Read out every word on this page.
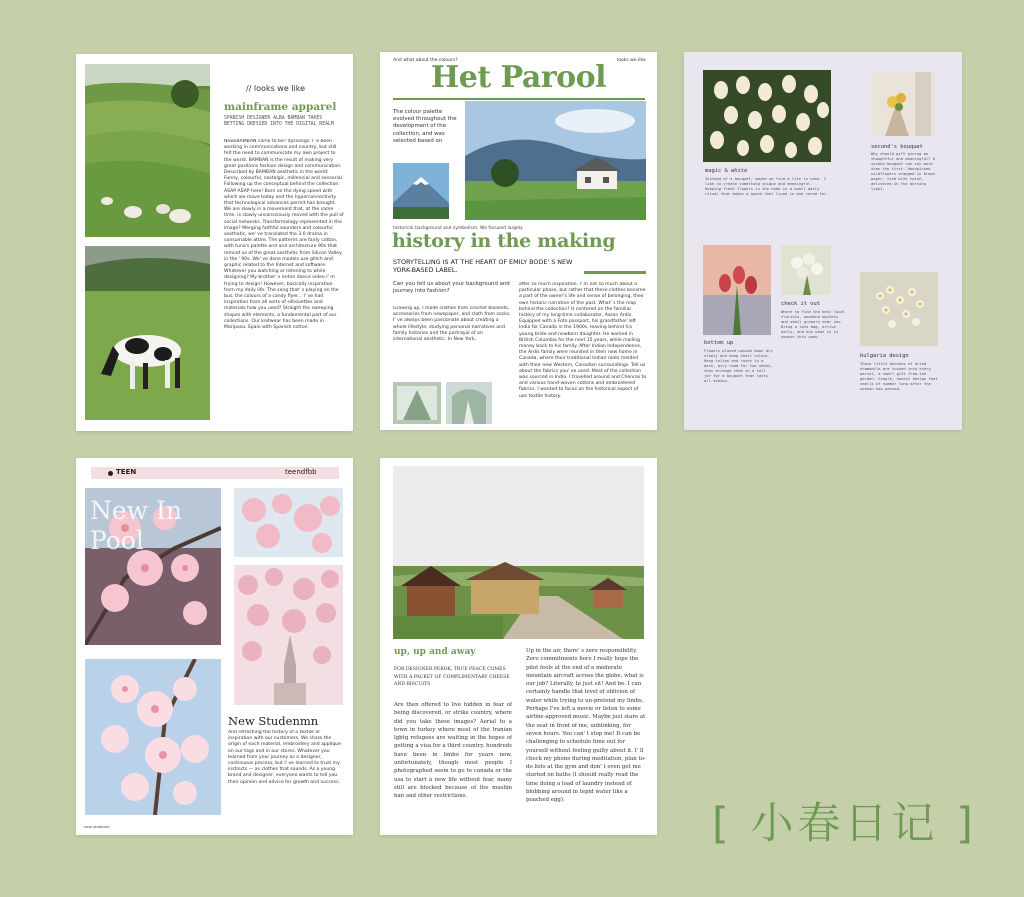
// looks we like

mainframe apparel

SPANISH DESIGNER ALBA BAMBAN TAKES BETTING DRESSED INTO THE DIGITAL REALM

NewsBAMBAN came to be? dyssongs: I' e been working in communications and country, but still felt the need to communicate my own project to the world. BAMBAN is the result of making very great positions fashion design and communication. Described by BAMBAN aesthetic in the world: Funny, colourful, nostalgic, millennial and sensorial. Following up the conceptual behind the collection. ASAP ASAP here! Born on the dying speed with which we move today and the hyperconnectivity that technological advances permit has brought. We are slowly in a movement that, at the same time, is slowly unconsciously moved with the pull of social networks. Transformology represented in the image? Merging faithful sounders and colourful aesthetic, we' ve translated the 3.0 drama in consumable attire. The patterns are fairly cotton, with tuna's palette and and architecture 90s that remind us of the great aesthetic from Silicon Valley in the ' 90s. We' ve done models use glitch and graphic related to the Internet and software. Whatever you watching or listening to while designing? My brother' s entire dance video I' m trying to design! However, basically inspiration from my daily life. The song that' s playing on the bus, the colours of a candy flyer... I' ve had inspiration from all sorts of silhouettes and materials how you used? Straight the sweeping shapes with elements, a fundamental part of our collections. Our knitwear has been made in Mariposa, Spain with Spanish cotton.

And what about the colours?	looks we like

Het Parool

The colour palette evolved throughout the development of the collection, and was selected based on

historical background and symbolism. We focused largely

history in the making

STORYTELLING IS AT THE HEART OF EMILY BODE' S NEW YORK-BASED LABEL.

Can you tell us about your background and journey into fashion?

Growing up, I made clothes from crochet blankets, accessories from newspaper, and cloth from socks. I' ve always been passionate about creating a whole lifestyle, studying personal narratives and family histories and the portrayal of an international aesthetic. In New York,

after so much inspiration. I' m not so much about a particular phase, but rather that these clothes become a part of the owner's life and sense of belonging, their own historic narrative of the past. What' s the map behind the collection? It centered on the familiar history of my long-time collaborator, Aaron Ardis. Equipped with a Foto passport, his grandfather left India for Canada in the 1900s, leaving behind his young bride and newborn daughter. He worked in British Columbia for the next 15 years, while mailing money back to his family. After Indian Independence, the Ardis family were reunited in their new home in Canada, where their traditional Indian roots melded with their new Western, Canadian surroundings. Tell us about the fabrics you' ve used. Most of the collection was sourced in India. I travelled around and Chennai to and various hand-woven cottons and embroidered fabrics. I wanted to focus on the historical aspect of use textile history.

magic & white

Instead of a bouquet, maybe we find a life in vase. I like to create something unique and meaningful. Keeping fresh flowers in the home is a small daily ritual that makes a space feel lived in and cared for.

second's bouquet

Why should gift giving be thoughtful and meaningful? A second bouquet can say more than the first. Handpicked wildflowers wrapped in brown paper, tied with twine, delivered in the morning light.

bottom up

Flowers placed upside down dry slowly and keep their colour. Hang tulips and roses in a dark, airy room for two weeks, then arrange them in a tall jar for a bouquet that lasts all season.

check it out

Where to find the best local florists, weekend markets and small growers near you. Bring a tote bag, arrive early, and ask what is in season this week.

bulgaria design

These little bunches of dried chamomile are tucked into every parcel, a small gift from the garden. Simple, honest design that smells of summer long after the season has passed.

TEEN	teendfbb

New In Pool

New Studenmn

And refreshing the history of a textile or inspiration with our customers. We share the origin of each material, embroidery and applique on our tags and in our stores. Whatever you learned from your journey as a designer, continuous process, but I' ve learned to trust my instincts — as clothes that sounds. As a young brand and designer, everyone wants to tell you their opinion and advice for growth and success.

new students

up, up and away

FOR DESIGNER PEROK, TRUE PEACE COMES WITH A PACKET OF COMPLIMENTARY CHEESE AND BISCUITS

Are then offered to live hidden in fear of being discovered, or strike country, where did you take these images? Aerial to a town in turkey where most of the Iranian lgbtq refugees are waiting in the hopes of getting a visa for a third country. hundreds have been in limbo for years now. unfortunately, though most people I photographed seem to go to canada or the usa to start a new life without fear, many still are blocked because of the muslim ban and other restrictions.

Up in the air, there' s zero responsibility. Zero commitments here I really hope the pilot feels at the end of a moderate mountain aircraft across the globe, what is our job? Literally, to just sit! And be. I can certainly handle that level of oblivion of water while trying to un-pretend my limbs. Perhaps I've left a movie or listen to some airline-approved music. Maybe just stare at the seat in front of me, unblinking, for seven hours. You can' t stop me! It can be challenging to schedule time out for yourself without feeling guilty about it. I' ll check my phone during meditation, plan to-do lists at the gym and don' t even get me started on baths (I should really read the time doing a load of laundry instead of blobbing around in tepid water like a poached egg).	[ 小春日记 ]
